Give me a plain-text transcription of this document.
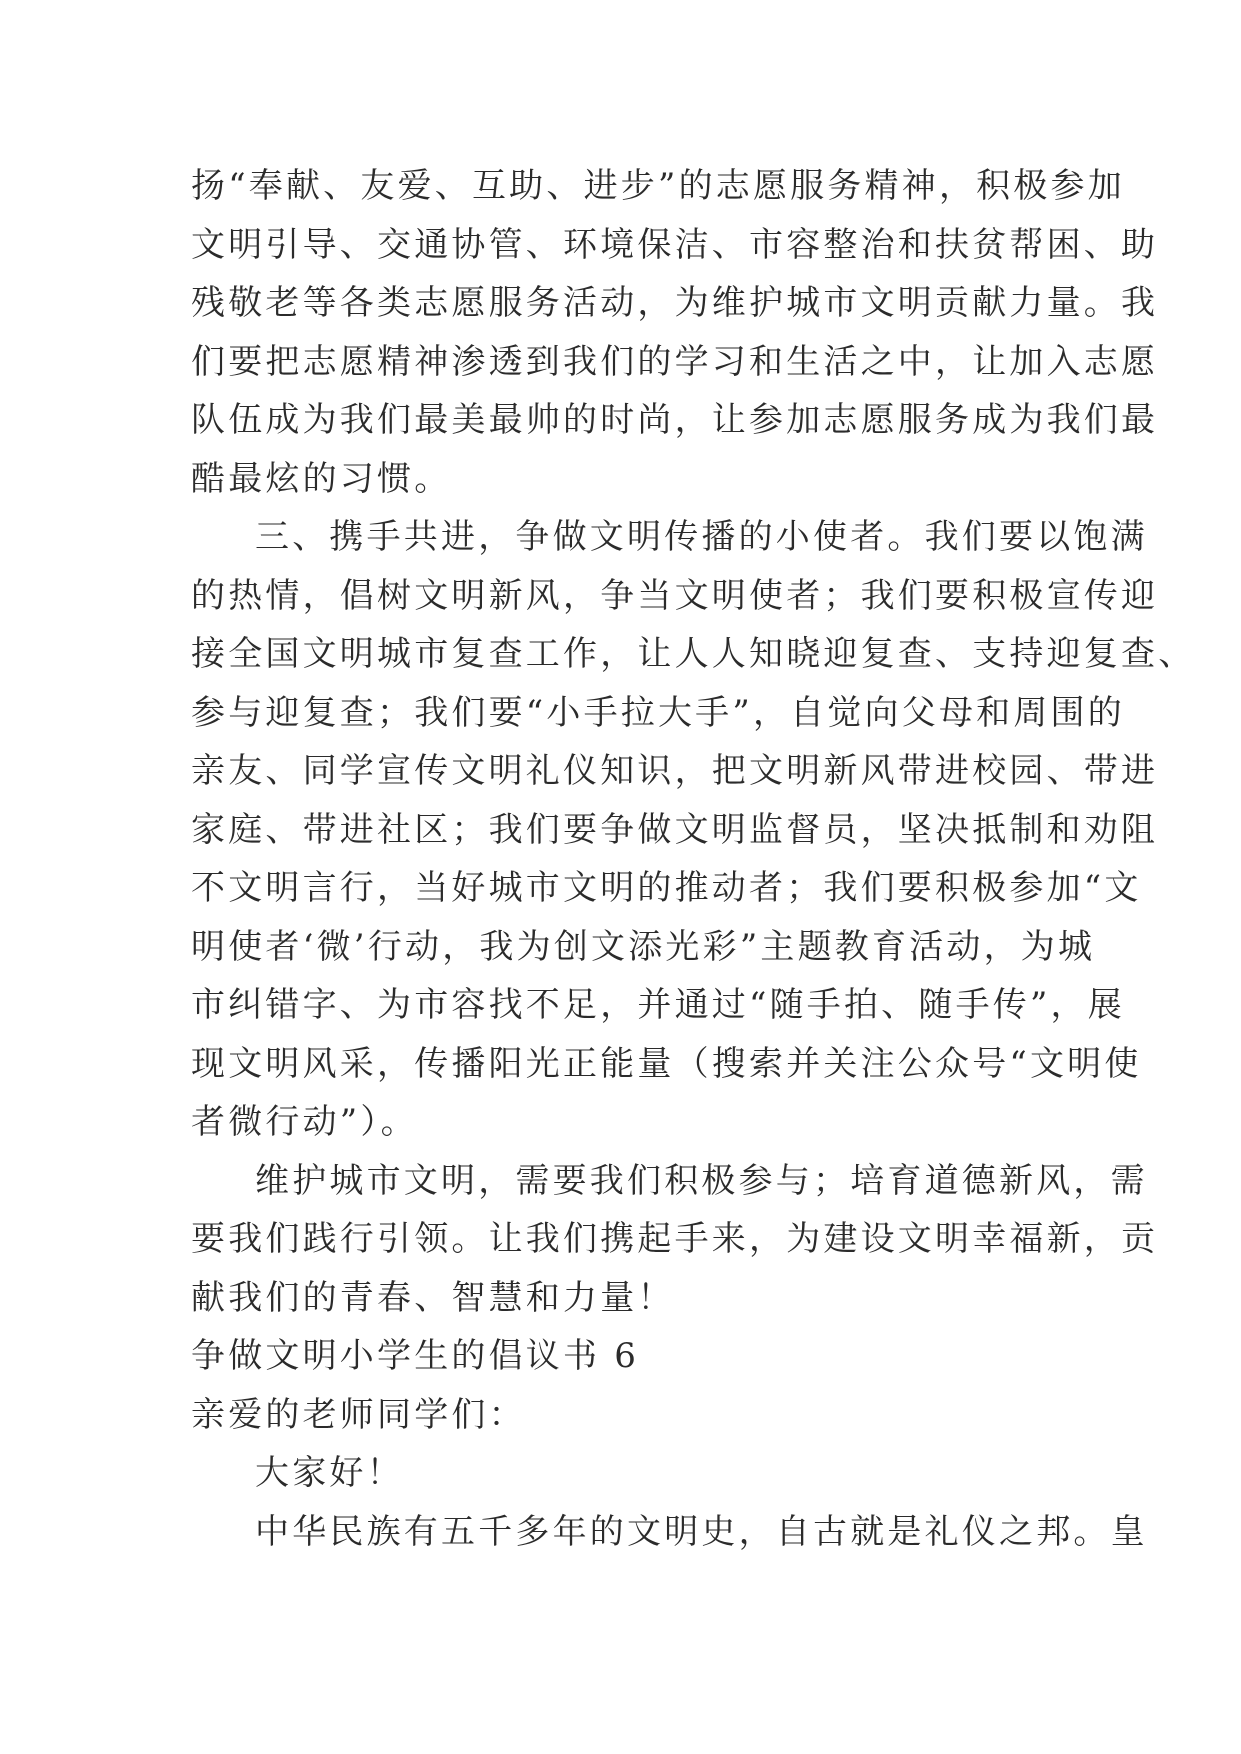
扬“奉献、友爱、互助、进步”的志愿服务精神，积极参加
文明引导、交通协管、环境保洁、市容整治和扶贫帮困、助
残敬老等各类志愿服务活动，为维护城市文明贡献力量。我
们要把志愿精神渗透到我们的学习和生活之中，让加入志愿
队伍成为我们最美最帅的时尚，让参加志愿服务成为我们最
酷最炫的习惯。
三、携手共进，争做文明传播的小使者。我们要以饱满
的热情，倡树文明新风，争当文明使者；我们要积极宣传迎
接全国文明城市复查工作，让人人知晓迎复查、支持迎复查、
参与迎复查；我们要“小手拉大手”，自觉向父母和周围的
亲友、同学宣传文明礼仪知识，把文明新风带进校园、带进
家庭、带进社区；我们要争做文明监督员，坚决抵制和劝阻
不文明言行，当好城市文明的推动者；我们要积极参加“文
明使者‘微’行动，我为创文添光彩”主题教育活动，为城
市纠错字、为市容找不足，并通过“随手拍、随手传”，展
现文明风采，传播阳光正能量（搜索并关注公众号“文明使
者微行动”）。
维护城市文明，需要我们积极参与；培育道德新风，需
要我们践行引领。让我们携起手来，为建设文明幸福新，贡
献我们的青春、智慧和力量！
争做文明小学生的倡议书 6
亲爱的老师同学们：
大家好！
中华民族有五千多年的文明史，自古就是礼仪之邦。皇
